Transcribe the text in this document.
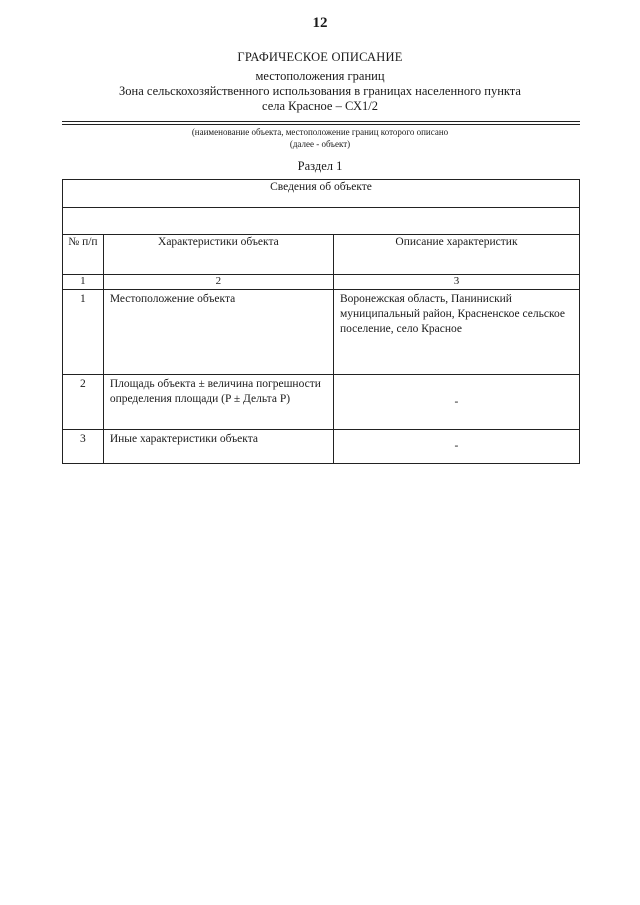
12
ГРАФИЧЕСКОЕ ОПИСАНИЕ
местоположения границ
Зона сельскохозяйственного использования в границах населенного пункта
села Красное – СХ1/2
(наименование объекта, местоположение границ которого описано
(далее - объект)
Раздел 1
Сведения об объекте		

№ п/п	Характеристики объекта	Описание характеристик
1	2	3
1	Местоположение объекта	Воронежская область, Паниниский муниципальный район, Красненское сельское поселение, село Красное
2	Площадь объекта ± величина погрешности определения площади (P ± Дельта P)	-
3	Иные характеристики объекта	-
